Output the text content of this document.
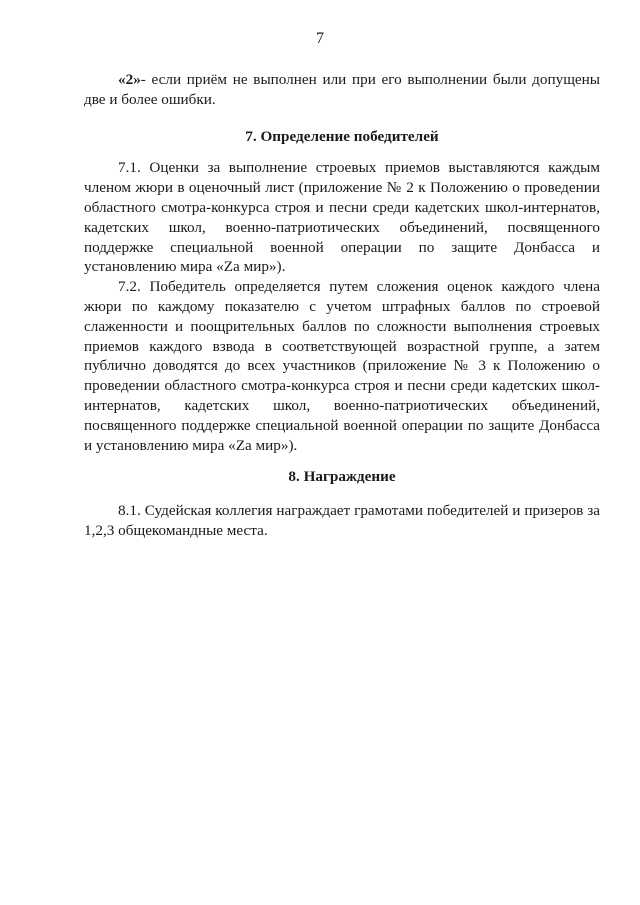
7

«2»- если приём не выполнен или при его выполнении были допущены две и более ошибки.

7. Определение победителей

7.1. Оценки за выполнение строевых приемов выставляются каждым членом жюри в оценочный лист (приложение № 2 к Положению о проведении областного смотра-конкурса строя и песни среди кадетских школ-интернатов, кадетских школ, военно-патриотических объединений, посвященного поддержке специальной военной операции по защите Донбасса и установлению мира «Za мир»).

7.2. Победитель определяется путем сложения оценок каждого члена жюри по каждому показателю с учетом штрафных баллов по строевой слаженности и поощрительных баллов по сложности выполнения строевых приемов каждого взвода в соответствующей возрастной группе, а затем публично доводятся до всех участников (приложение № 3 к Положению о проведении областного смотра-конкурса строя и песни среди кадетских школ-интернатов, кадетских школ, военно-патриотических объединений, посвященного поддержке специальной военной операции по защите Донбасса и установлению мира «Za мир»).

8. Награждение

8.1. Судейская коллегия награждает грамотами победителей и призеров за 1,2,3 общекомандные места.
